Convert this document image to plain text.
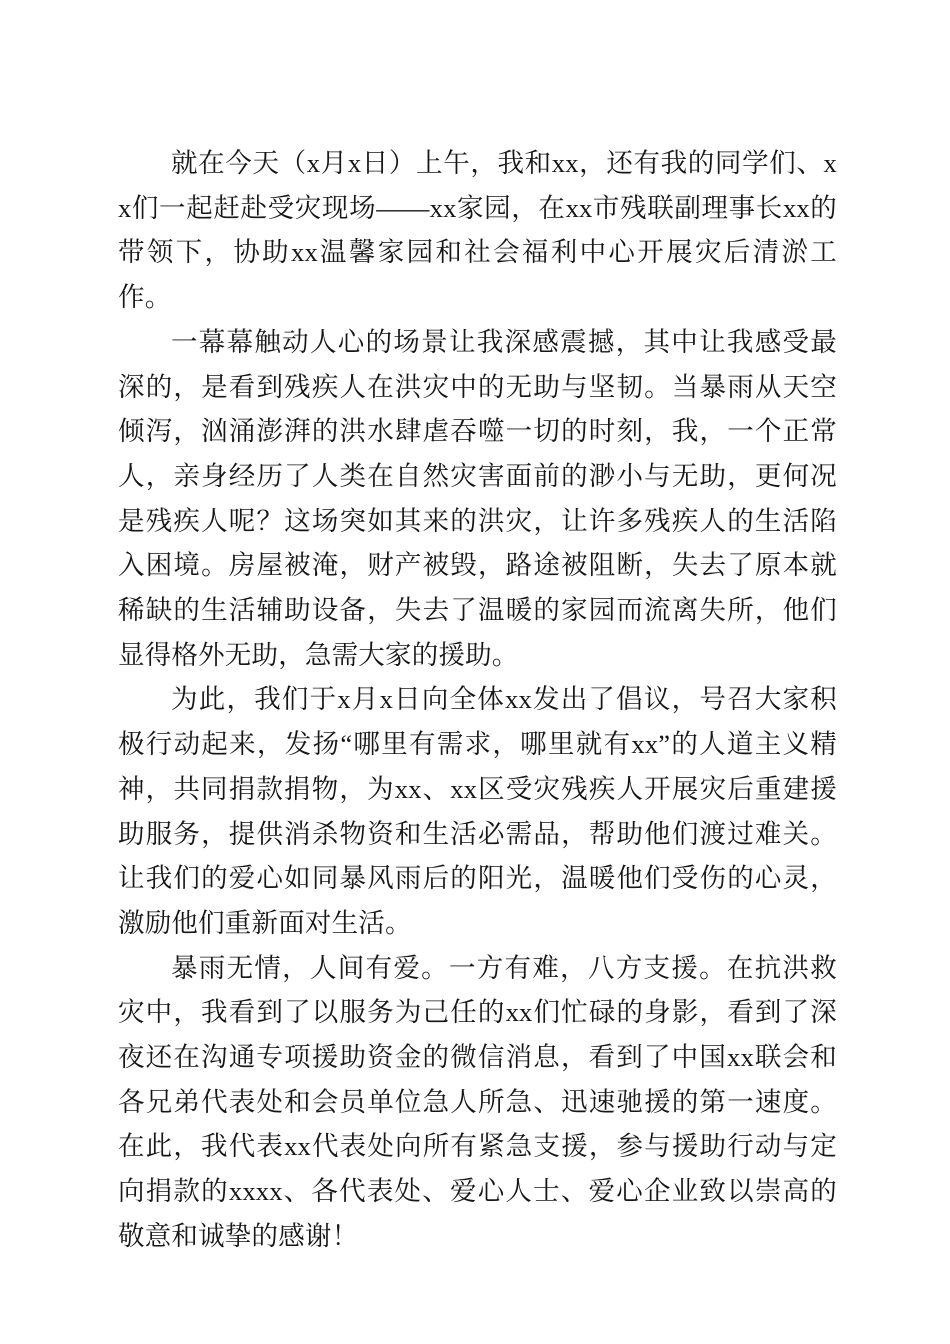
就在今天（x月x日）上午，我和xx，还有我的同学们、xx们一起赶赴受灾现场——xx家园，在xx市残联副理事长xx的带领下，协助xx温馨家园和社会福利中心开展灾后清淤工作。

一幕幕触动人心的场景让我深感震撼，其中让我感受最深的，是看到残疾人在洪灾中的无助与坚韧。当暴雨从天空倾泻，汹涌澎湃的洪水肆虐吞噬一切的时刻，我，一个正常人，亲身经历了人类在自然灾害面前的渺小与无助，更何况是残疾人呢？这场突如其来的洪灾，让许多残疾人的生活陷入困境。房屋被淹，财产被毁，路途被阻断，失去了原本就稀缺的生活辅助设备，失去了温暖的家园而流离失所，他们显得格外无助，急需大家的援助。

为此，我们于x月x日向全体xx发出了倡议，号召大家积极行动起来，发扬“哪里有需求，哪里就有xx”的人道主义精神，共同捐款捐物，为xx、xx区受灾残疾人开展灾后重建援助服务，提供消杀物资和生活必需品，帮助他们渡过难关。让我们的爱心如同暴风雨后的阳光，温暖他们受伤的心灵，激励他们重新面对生活。

暴雨无情，人间有爱。一方有难，八方支援。在抗洪救灾中，我看到了以服务为己任的xx们忙碌的身影，看到了深夜还在沟通专项援助资金的微信消息，看到了中国xx联会和各兄弟代表处和会员单位急人所急、迅速驰援的第一速度。在此，我代表xx代表处向所有紧急支援，参与援助行动与定向捐款的xxxx、各代表处、爱心人士、爱心企业致以崇高的敬意和诚挚的感谢！
